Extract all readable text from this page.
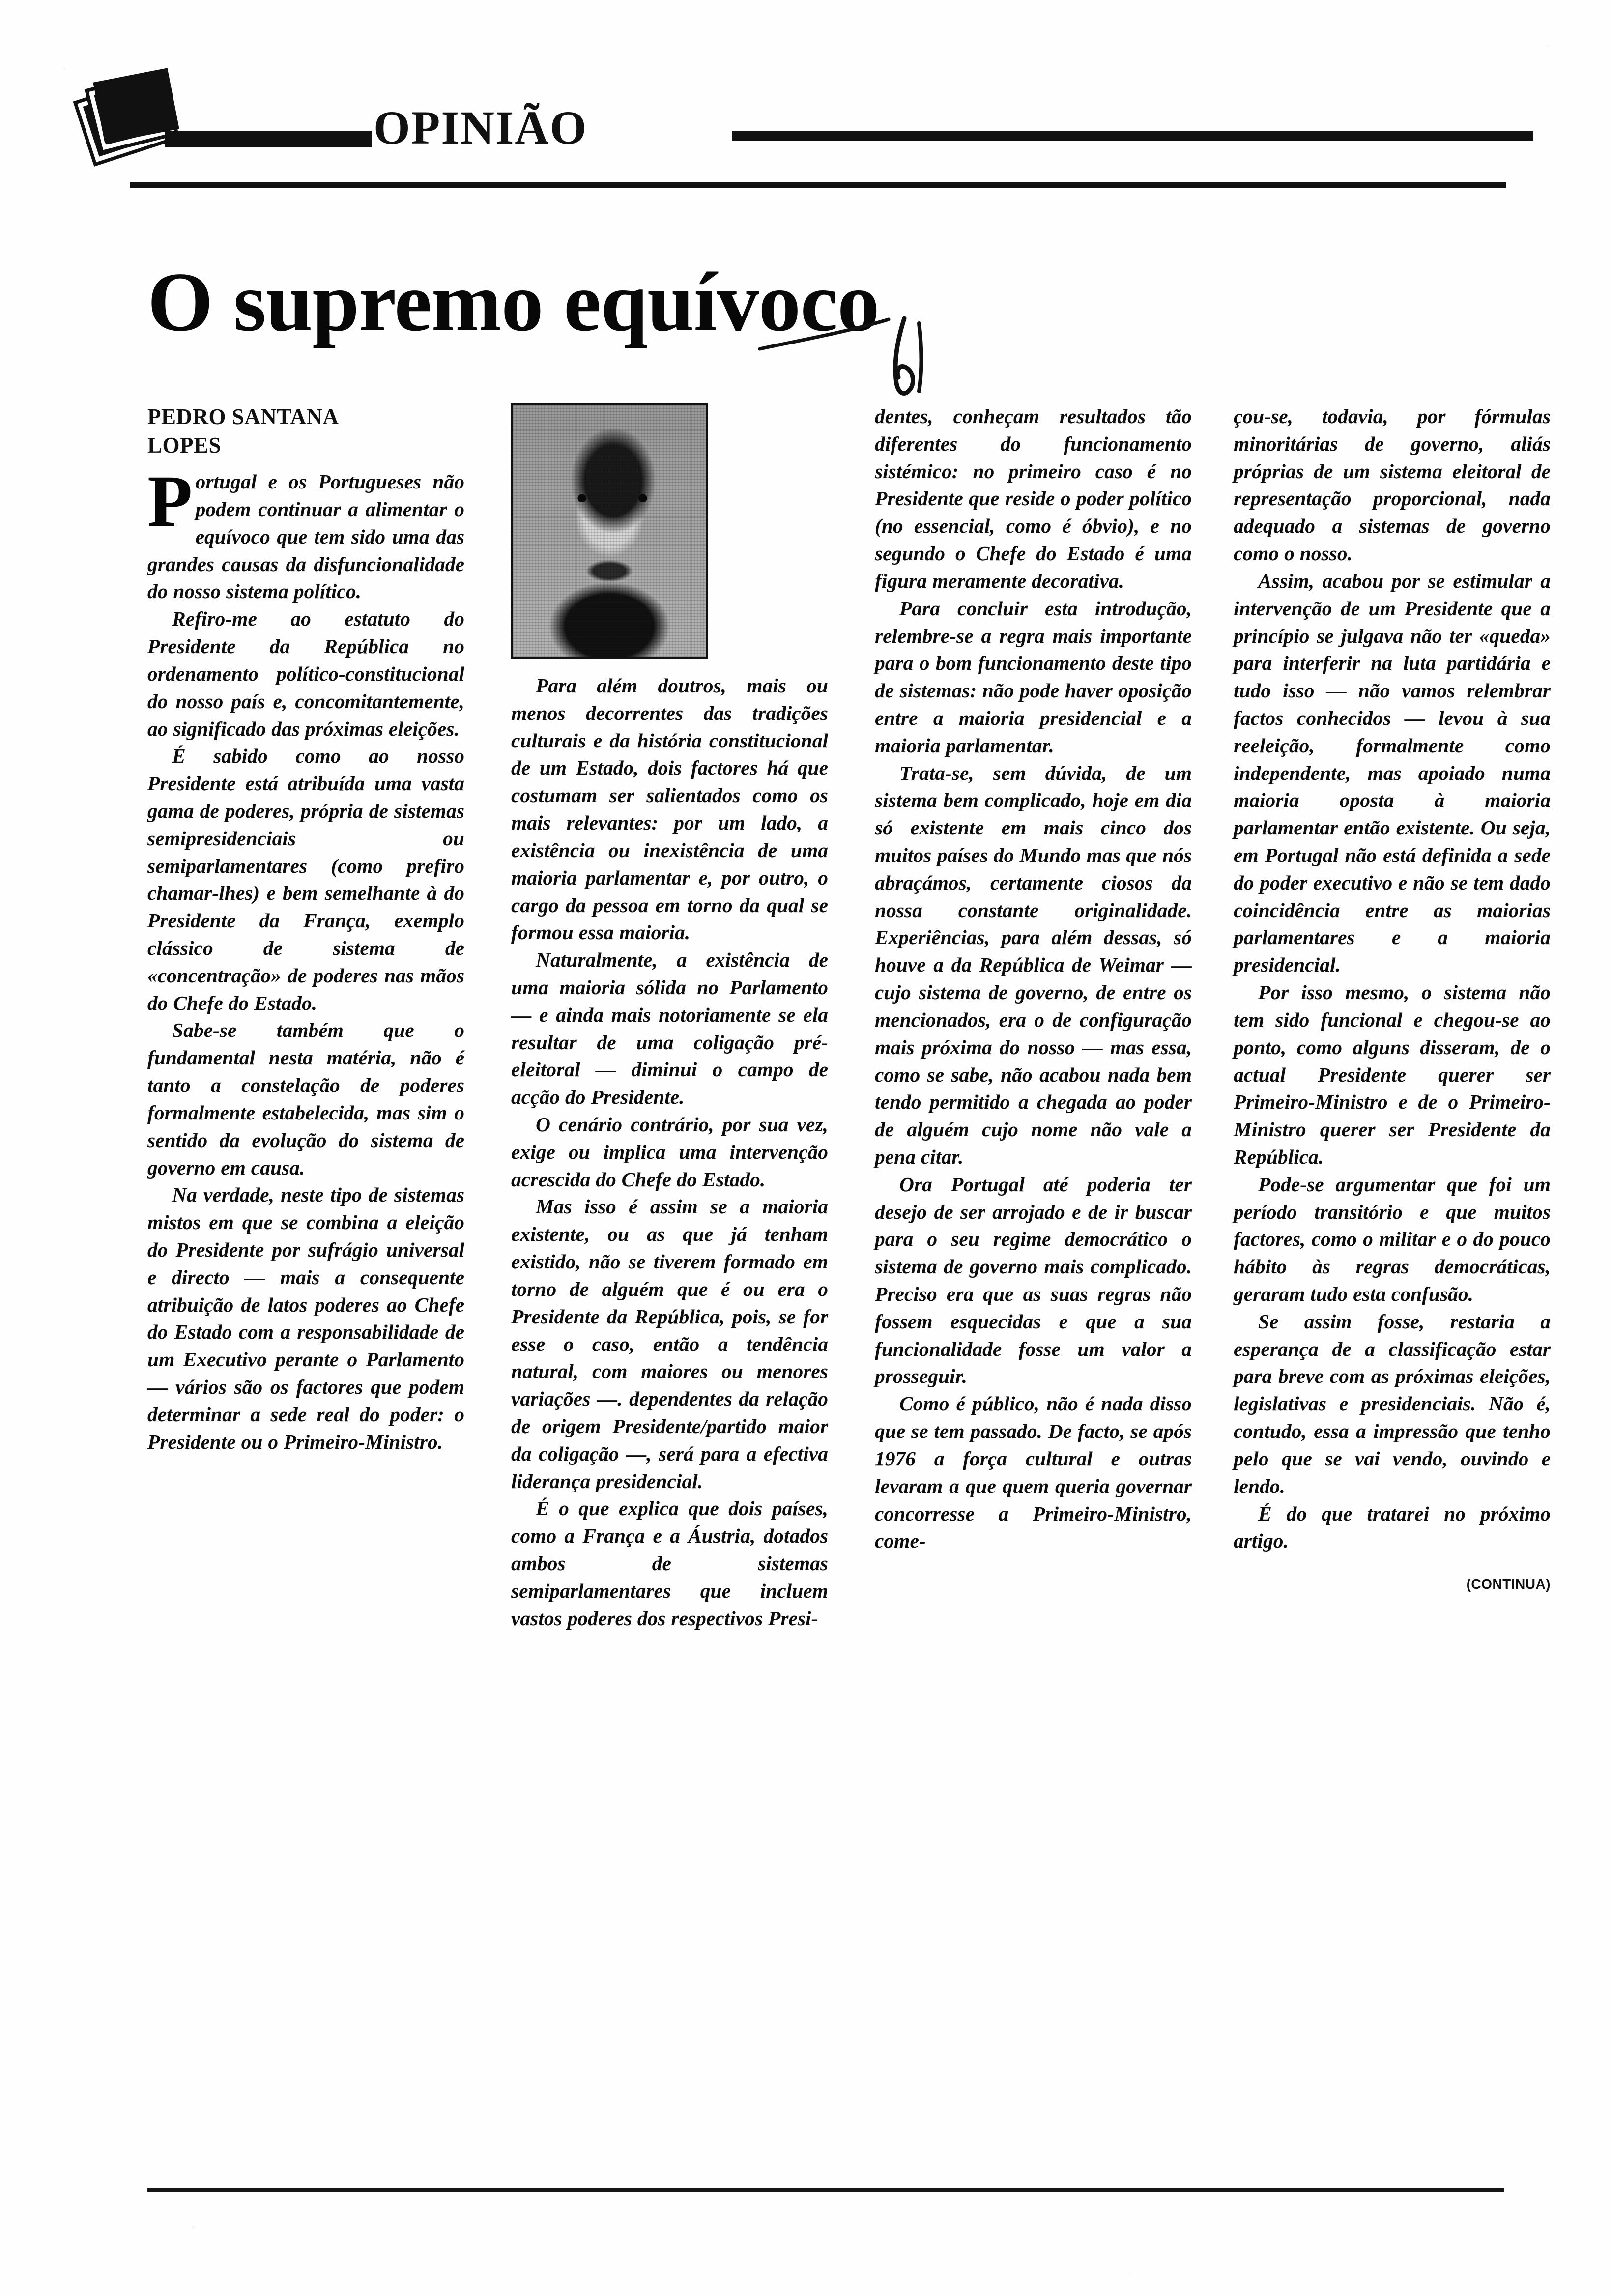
OPINIÃO
O supremo equívoco
PEDRO SANTANA
LOPES
P ortugal e os Portugueses não podem continuar a alimentar o equívoco que tem sido uma das grandes causas da disfuncionalidade do nosso sistema político.

Refiro-me ao estatuto do Presidente da República no ordenamento político-constitucional do nosso país e, concomitantemente, ao significado das próximas eleições.

É sabido como ao nosso Presidente está atribuída uma vasta gama de poderes, própria de sistemas semipresidenciais ou semiparlamentares (como prefiro chamar-lhes) e bem semelhante à do Presidente da França, exemplo clássico de sistema de «concentração» de poderes nas mãos do Chefe do Estado.

Sabe-se também que o fundamental nesta matéria, não é tanto a constelação de poderes formalmente estabelecida, mas sim o sentido da evolução do sistema de governo em causa.

Na verdade, neste tipo de sistemas mistos em que se combina a eleição do Presidente por sufrágio universal e directo — mais a consequente atribuição de latos poderes ao Chefe do Estado com a responsabilidade de um Executivo perante o Parlamento — vários são os factores que podem determinar a sede real do poder: o Presidente ou o Primeiro-Ministro.

Para além doutros, mais ou menos decorrentes das tradições culturais e da história constitucional de um Estado, dois factores há que costumam ser salientados como os mais relevantes: por um lado, a existência ou inexistência de uma maioria parlamentar e, por outro, o cargo da pessoa em torno da qual se formou essa maioria.

Naturalmente, a existência de uma maioria sólida no Parlamento — e ainda mais notoriamente se ela resultar de uma coligação pré-eleitoral — diminui o campo de acção do Presidente.

O cenário contrário, por sua vez, exige ou implica uma intervenção acrescida do Chefe do Estado.

Mas isso é assim se a maioria existente, ou as que já tenham existido, não se tiverem formado em torno de alguém que é ou era o Presidente da República, pois, se for esse o caso, então a tendência natural, com maiores ou menores variações —. dependentes da relação de origem Presidente/partido maior da coligação —, será para a efectiva liderança presidencial.

É o que explica que dois países, como a França e a Áustria, dotados ambos de sistemas semiparlamentares que incluem vastos poderes dos respectivos Presi-

dentes, conheçam resultados tão diferentes do funcionamento sistémico: no primeiro caso é no Presidente que reside o poder político (no essencial, como é óbvio), e no segundo o Chefe do Estado é uma figura meramente decorativa.

Para concluir esta introdução, relembre-se a regra mais importante para o bom funcionamento deste tipo de sistemas: não pode haver oposição entre a maioria presidencial e a maioria parlamentar.

Trata-se, sem dúvida, de um sistema bem complicado, hoje em dia só existente em mais cinco dos muitos países do Mundo mas que nós abraçámos, certamente ciosos da nossa constante originalidade. Experiências, para além dessas, só houve a da República de Weimar — cujo sistema de governo, de entre os mencionados, era o de configuração mais próxima do nosso — mas essa, como se sabe, não acabou nada bem tendo permitido a chegada ao poder de alguém cujo nome não vale a pena citar.

Ora Portugal até poderia ter desejo de ser arrojado e de ir buscar para o seu regime democrático o sistema de governo mais complicado. Preciso era que as suas regras não fossem esquecidas e que a sua funcionalidade fosse um valor a prosseguir.

Como é público, não é nada disso que se tem passado. De facto, se após 1976 a força cultural e outras levaram a que quem queria governar concorresse a Primeiro-Ministro, come-

çou-se, todavia, por fórmulas minoritárias de governo, aliás próprias de um sistema eleitoral de representação proporcional, nada adequado a sistemas de governo como o nosso.

Assim, acabou por se estimular a intervenção de um Presidente que a princípio se julgava não ter «queda» para interferir na luta partidária e tudo isso — não vamos relembrar factos conhecidos — levou à sua reeleição, formalmente como independente, mas apoiado numa maioria oposta à maioria parlamentar então existente. Ou seja, em Portugal não está definida a sede do poder executivo e não se tem dado coincidência entre as maiorias parlamentares e a maioria presidencial.

Por isso mesmo, o sistema não tem sido funcional e chegou-se ao ponto, como alguns disseram, de o actual Presidente querer ser Primeiro-Ministro e de o Primeiro-Ministro querer ser Presidente da República.

Pode-se argumentar que foi um período transitório e que muitos factores, como o militar e o do pouco hábito às regras democráticas, geraram tudo esta confusão.

Se assim fosse, restaria a esperança de a classificação estar para breve com as próximas eleições, legislativas e presidenciais. Não é, contudo, essa a impressão que tenho pelo que se vai vendo, ouvindo e lendo.

É do que tratarei no próximo artigo.

(CONTINUA)
